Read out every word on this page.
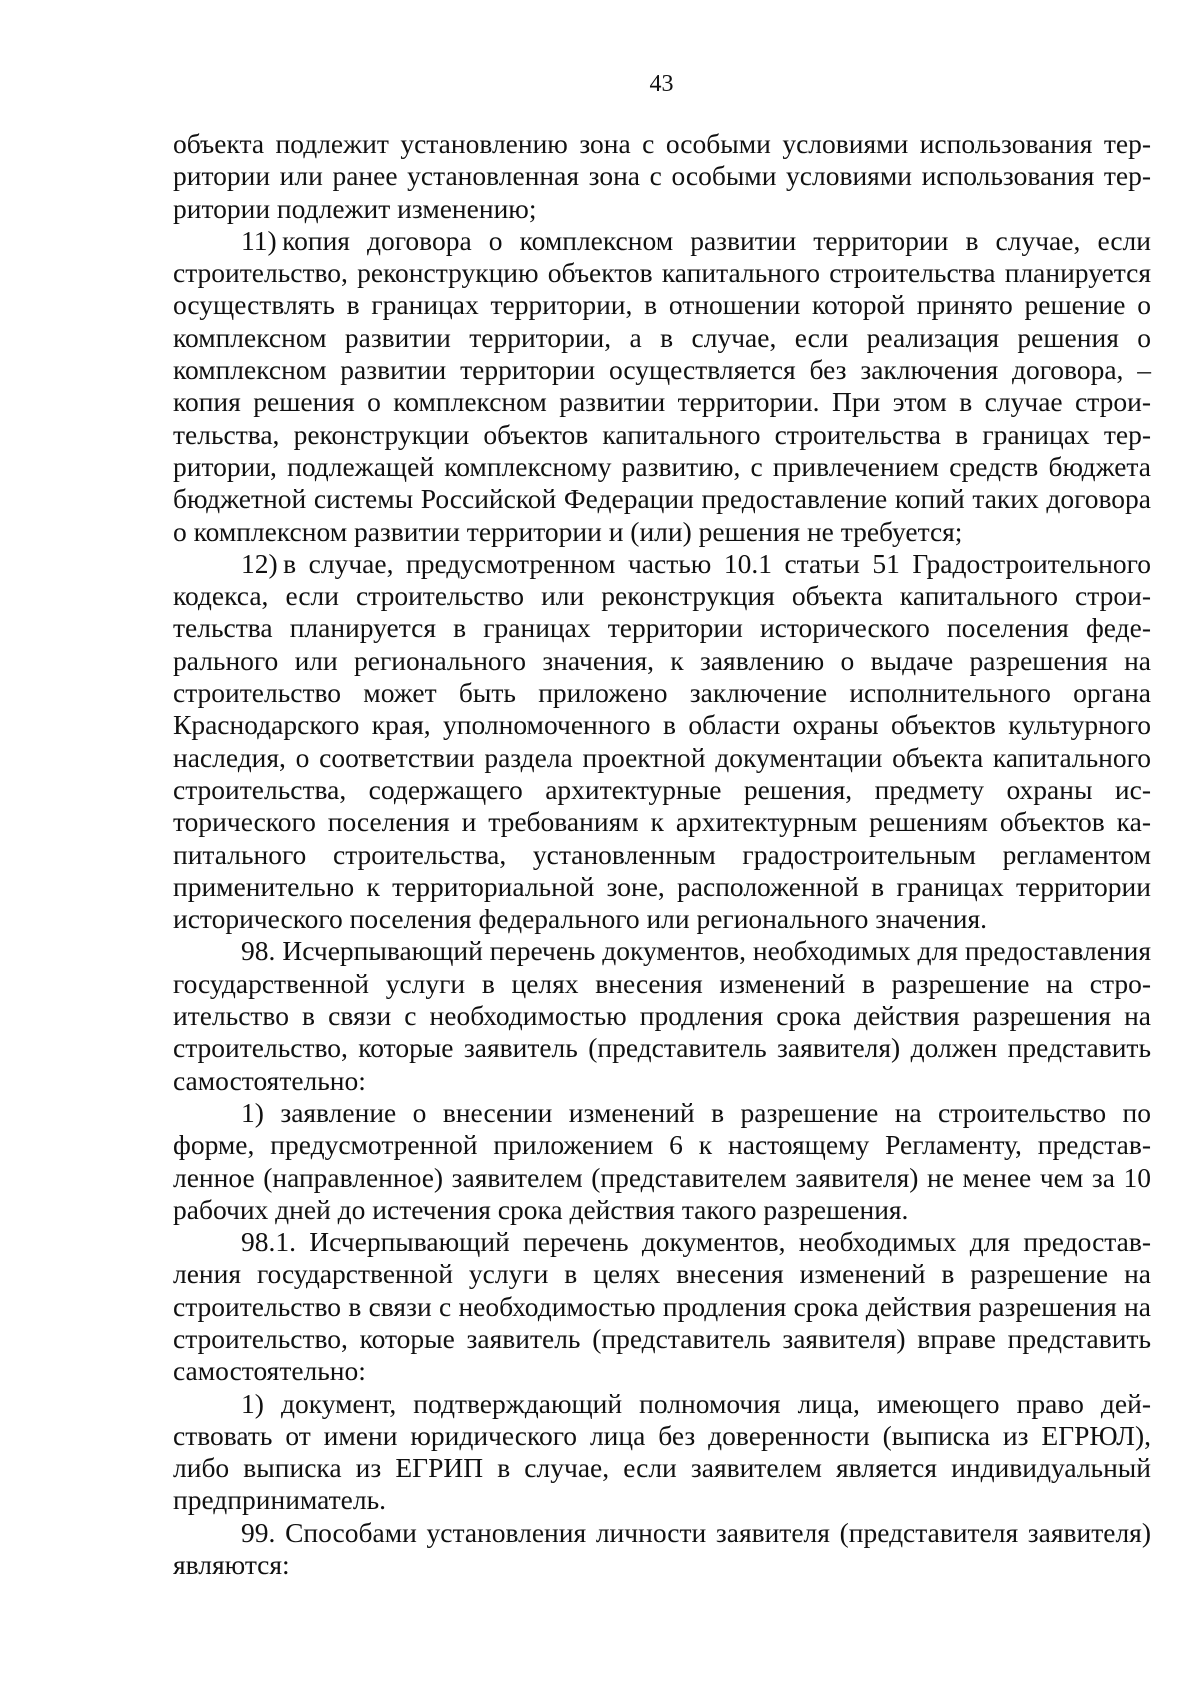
43

объекта подлежит установлению зона с особыми условиями использования территории или ранее установленная зона с особыми условиями использования территории подлежит изменению;

11) копия договора о комплексном развитии территории в случае, если строительство, реконструкцию объектов капитального строительства планируется осуществлять в границах территории, в отношении которой принято решение о комплексном развитии территории, а в случае, если реализация решения о комплексном развитии территории осуществляется без заключения договора, – копия решения о комплексном развитии территории. При этом в случае строительства, реконструкции объектов капитального строительства в границах территории, подлежащей комплексному развитию, с привлечением средств бюджета бюджетной системы Российской Федерации предоставление копий таких договора о комплексном развитии территории и (или) решения не требуется;

12) в случае, предусмотренном частью 10.1 статьи 51 Градостроительного кодекса, если строительство или реконструкция объекта капитального строительства планируется в границах территории исторического поселения федерального или регионального значения, к заявлению о выдаче разрешения на строительство может быть приложено заключение исполнительного органа Краснодарского края, уполномоченного в области охраны объектов культурного наследия, о соответствии раздела проектной документации объекта капитального строительства, содержащего архитектурные решения, предмету охраны исторического поселения и требованиям к архитектурным решениям объектов капитального строительства, установленным градостроительным регламентом применительно к территориальной зоне, расположенной в границах территории исторического поселения федерального или регионального значения.

98. Исчерпывающий перечень документов, необходимых для предоставления государственной услуги в целях внесения изменений в разрешение на строительство в связи с необходимостью продления срока действия разрешения на строительство, которые заявитель (представитель заявителя) должен представить самостоятельно:

1) заявление о внесении изменений в разрешение на строительство по форме, предусмотренной приложением 6 к настоящему Регламенту, представленное (направленное) заявителем (представителем заявителя) не менее чем за 10 рабочих дней до истечения срока действия такого разрешения.

98.1. Исчерпывающий перечень документов, необходимых для предоставления государственной услуги в целях внесения изменений в разрешение на строительство в связи с необходимостью продления срока действия разрешения на строительство, которые заявитель (представитель заявителя) вправе представить самостоятельно:

1) документ, подтверждающий полномочия лица, имеющего право действовать от имени юридического лица без доверенности (выписка из ЕГРЮЛ), либо выписка из ЕГРИП в случае, если заявителем является индивидуальный предприниматель.

99. Способами установления личности заявителя (представителя заявителя) являются:
